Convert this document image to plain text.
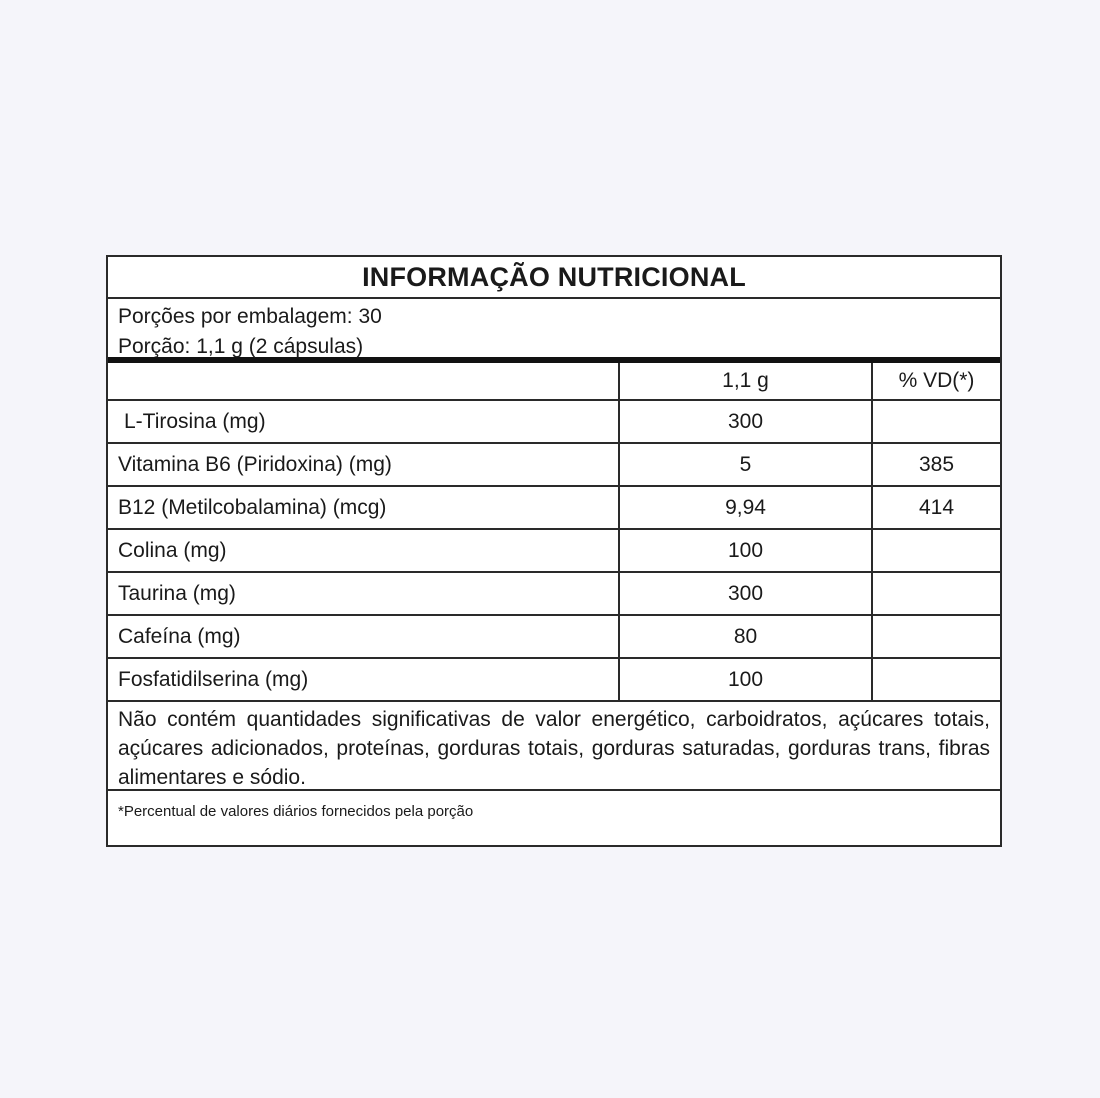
INFORMAÇÃO NUTRICIONAL
Porções por embalagem: 30
Porção: 1,1 g (2 cápsulas)
	1,1 g	% VD(*)
L-Tirosina (mg)	300	
Vitamina B6 (Piridoxina) (mg)	5	385
B12 (Metilcobalamina) (mcg)	9,94	414
Colina (mg)	100	
Taurina (mg)	300	
Cafeína (mg)	80	
Fosfatidilserina (mg)	100	
Não contém quantidades significativas de valor energético, carboidratos, açúcares totais, açúcares adicionados, proteínas, gorduras totais, gorduras saturadas, gorduras trans, fibras alimentares e sódio.
*Percentual de valores diários fornecidos pela porção
